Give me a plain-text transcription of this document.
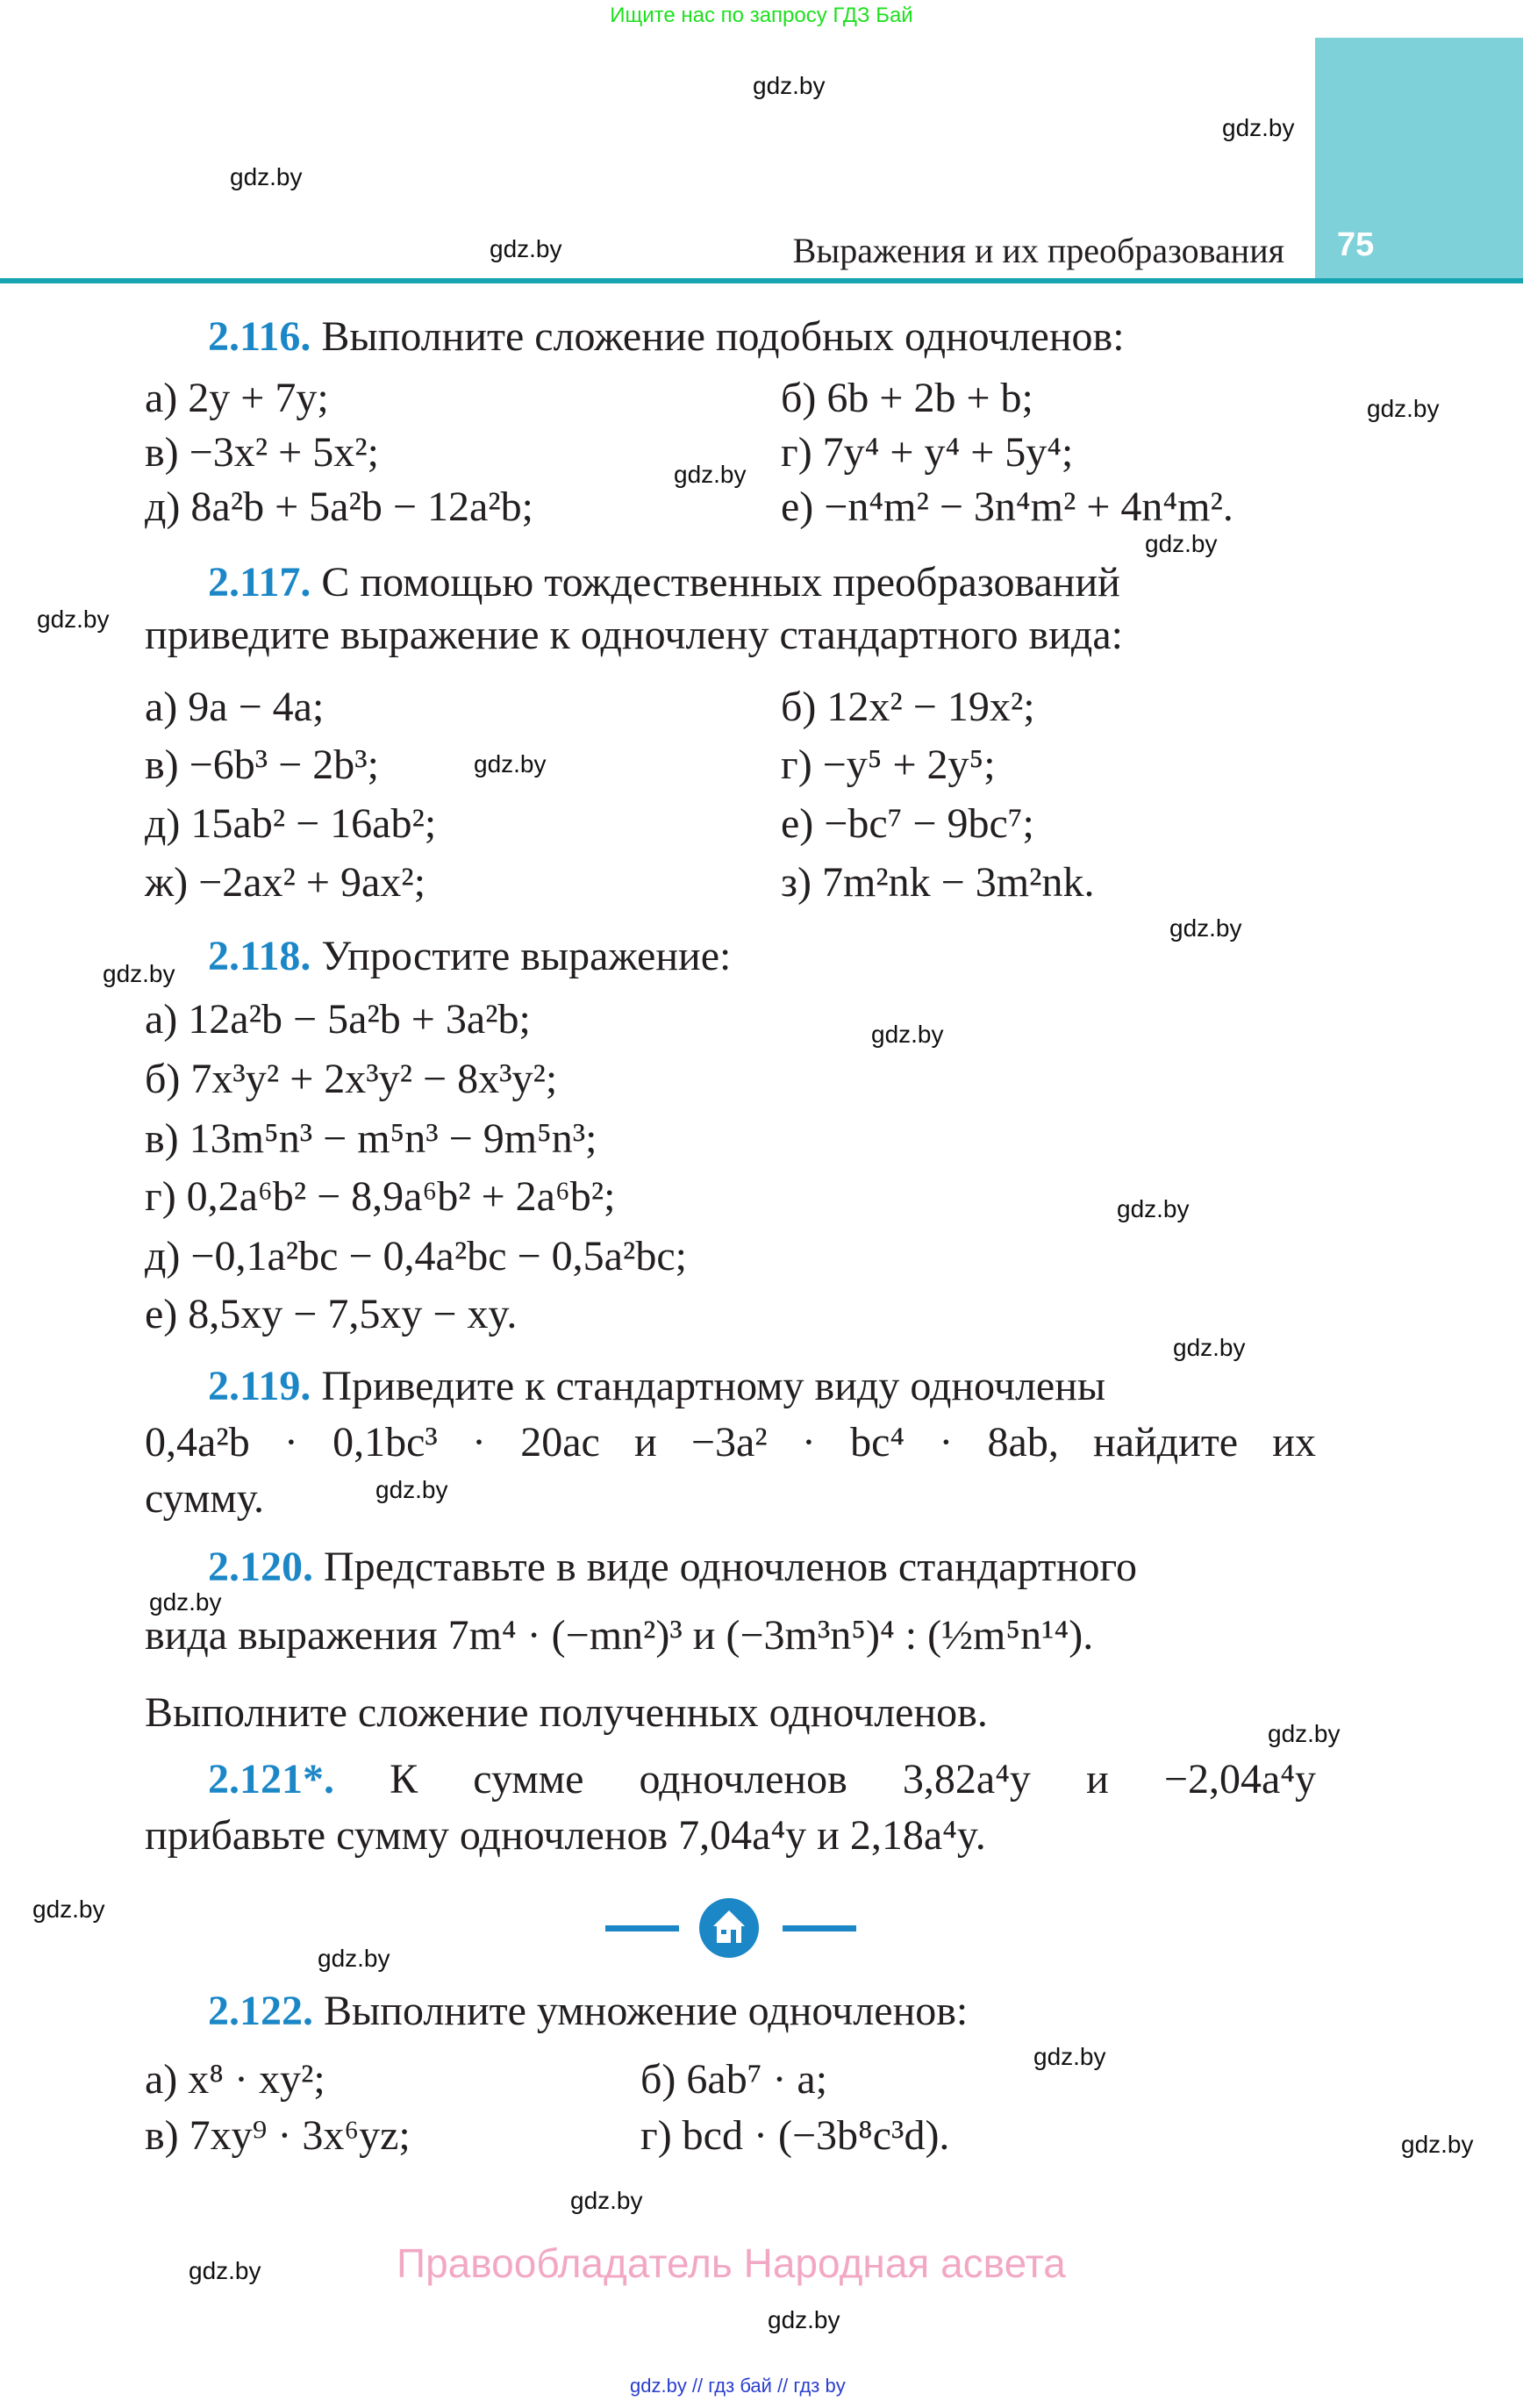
Ищите нас по запросу ГДЗ Бай
75
Выражения и их преобразования
gdz.by
gdz.by
gdz.by
gdz.by
gdz.by
gdz.by
gdz.by
gdz.by
gdz.by
gdz.by
gdz.by
gdz.by
gdz.by
gdz.by
gdz.by
gdz.by
gdz.by
gdz.by
gdz.by
gdz.by
gdz.by
gdz.by
gdz.by
gdz.by
2.116. Выполните сложение подобных одночленов:
а) 2y + 7y;	б) 6b + 2b + b;
в) −3x² + 5x²;	г) 7y⁴ + y⁴ + 5y⁴;
д) 8a²b + 5a²b − 12a²b;	е) −n⁴m² − 3n⁴m² + 4n⁴m².
2.117. С помощью тождественных преобразований
приведите выражение к одночлену стандартного вида:
а) 9a − 4a;	б) 12x² − 19x²;
в) −6b³ − 2b³;	г) −y⁵ + 2y⁵;
д) 15ab² − 16ab²;	е) −bc⁷ − 9bc⁷;
ж) −2ax² + 9ax²;	з) 7m²nk − 3m²nk.
2.118. Упростите выражение:
а) 12a²b − 5a²b + 3a²b;
б) 7x³y² + 2x³y² − 8x³y²;
в) 13m⁵n³ − m⁵n³ − 9m⁵n³;
г) 0,2a⁶b² − 8,9a⁶b² + 2a⁶b²;
д) −0,1a²bc − 0,4a²bc − 0,5a²bc;
е) 8,5xy − 7,5xy − xy.
2.119. Приведите к стандартному виду одночлены
0,4a²b · 0,1bc³ · 20ac и −3a² · bc⁴ · 8ab, найдите их
сумму.
2.120. Представьте в виде одночленов стандартного
вида выражения 7m⁴ · (−mn²)³ и (−3m³n⁵)⁴ : (½m⁵n¹⁴).
Выполните сложение полученных одночленов.
2.121*. К сумме одночленов 3,82a⁴y и −2,04a⁴y
прибавьте сумму одночленов 7,04a⁴y и 2,18a⁴y.
2.122. Выполните умножение одночленов:
а) x⁸ · xy²;	б) 6ab⁷ · a;
в) 7xy⁹ · 3x⁶yz;	г) bcd · (−3b⁸c³d).
Правообладатель Народная асвета
gdz.by // гдз бай // гдз by
